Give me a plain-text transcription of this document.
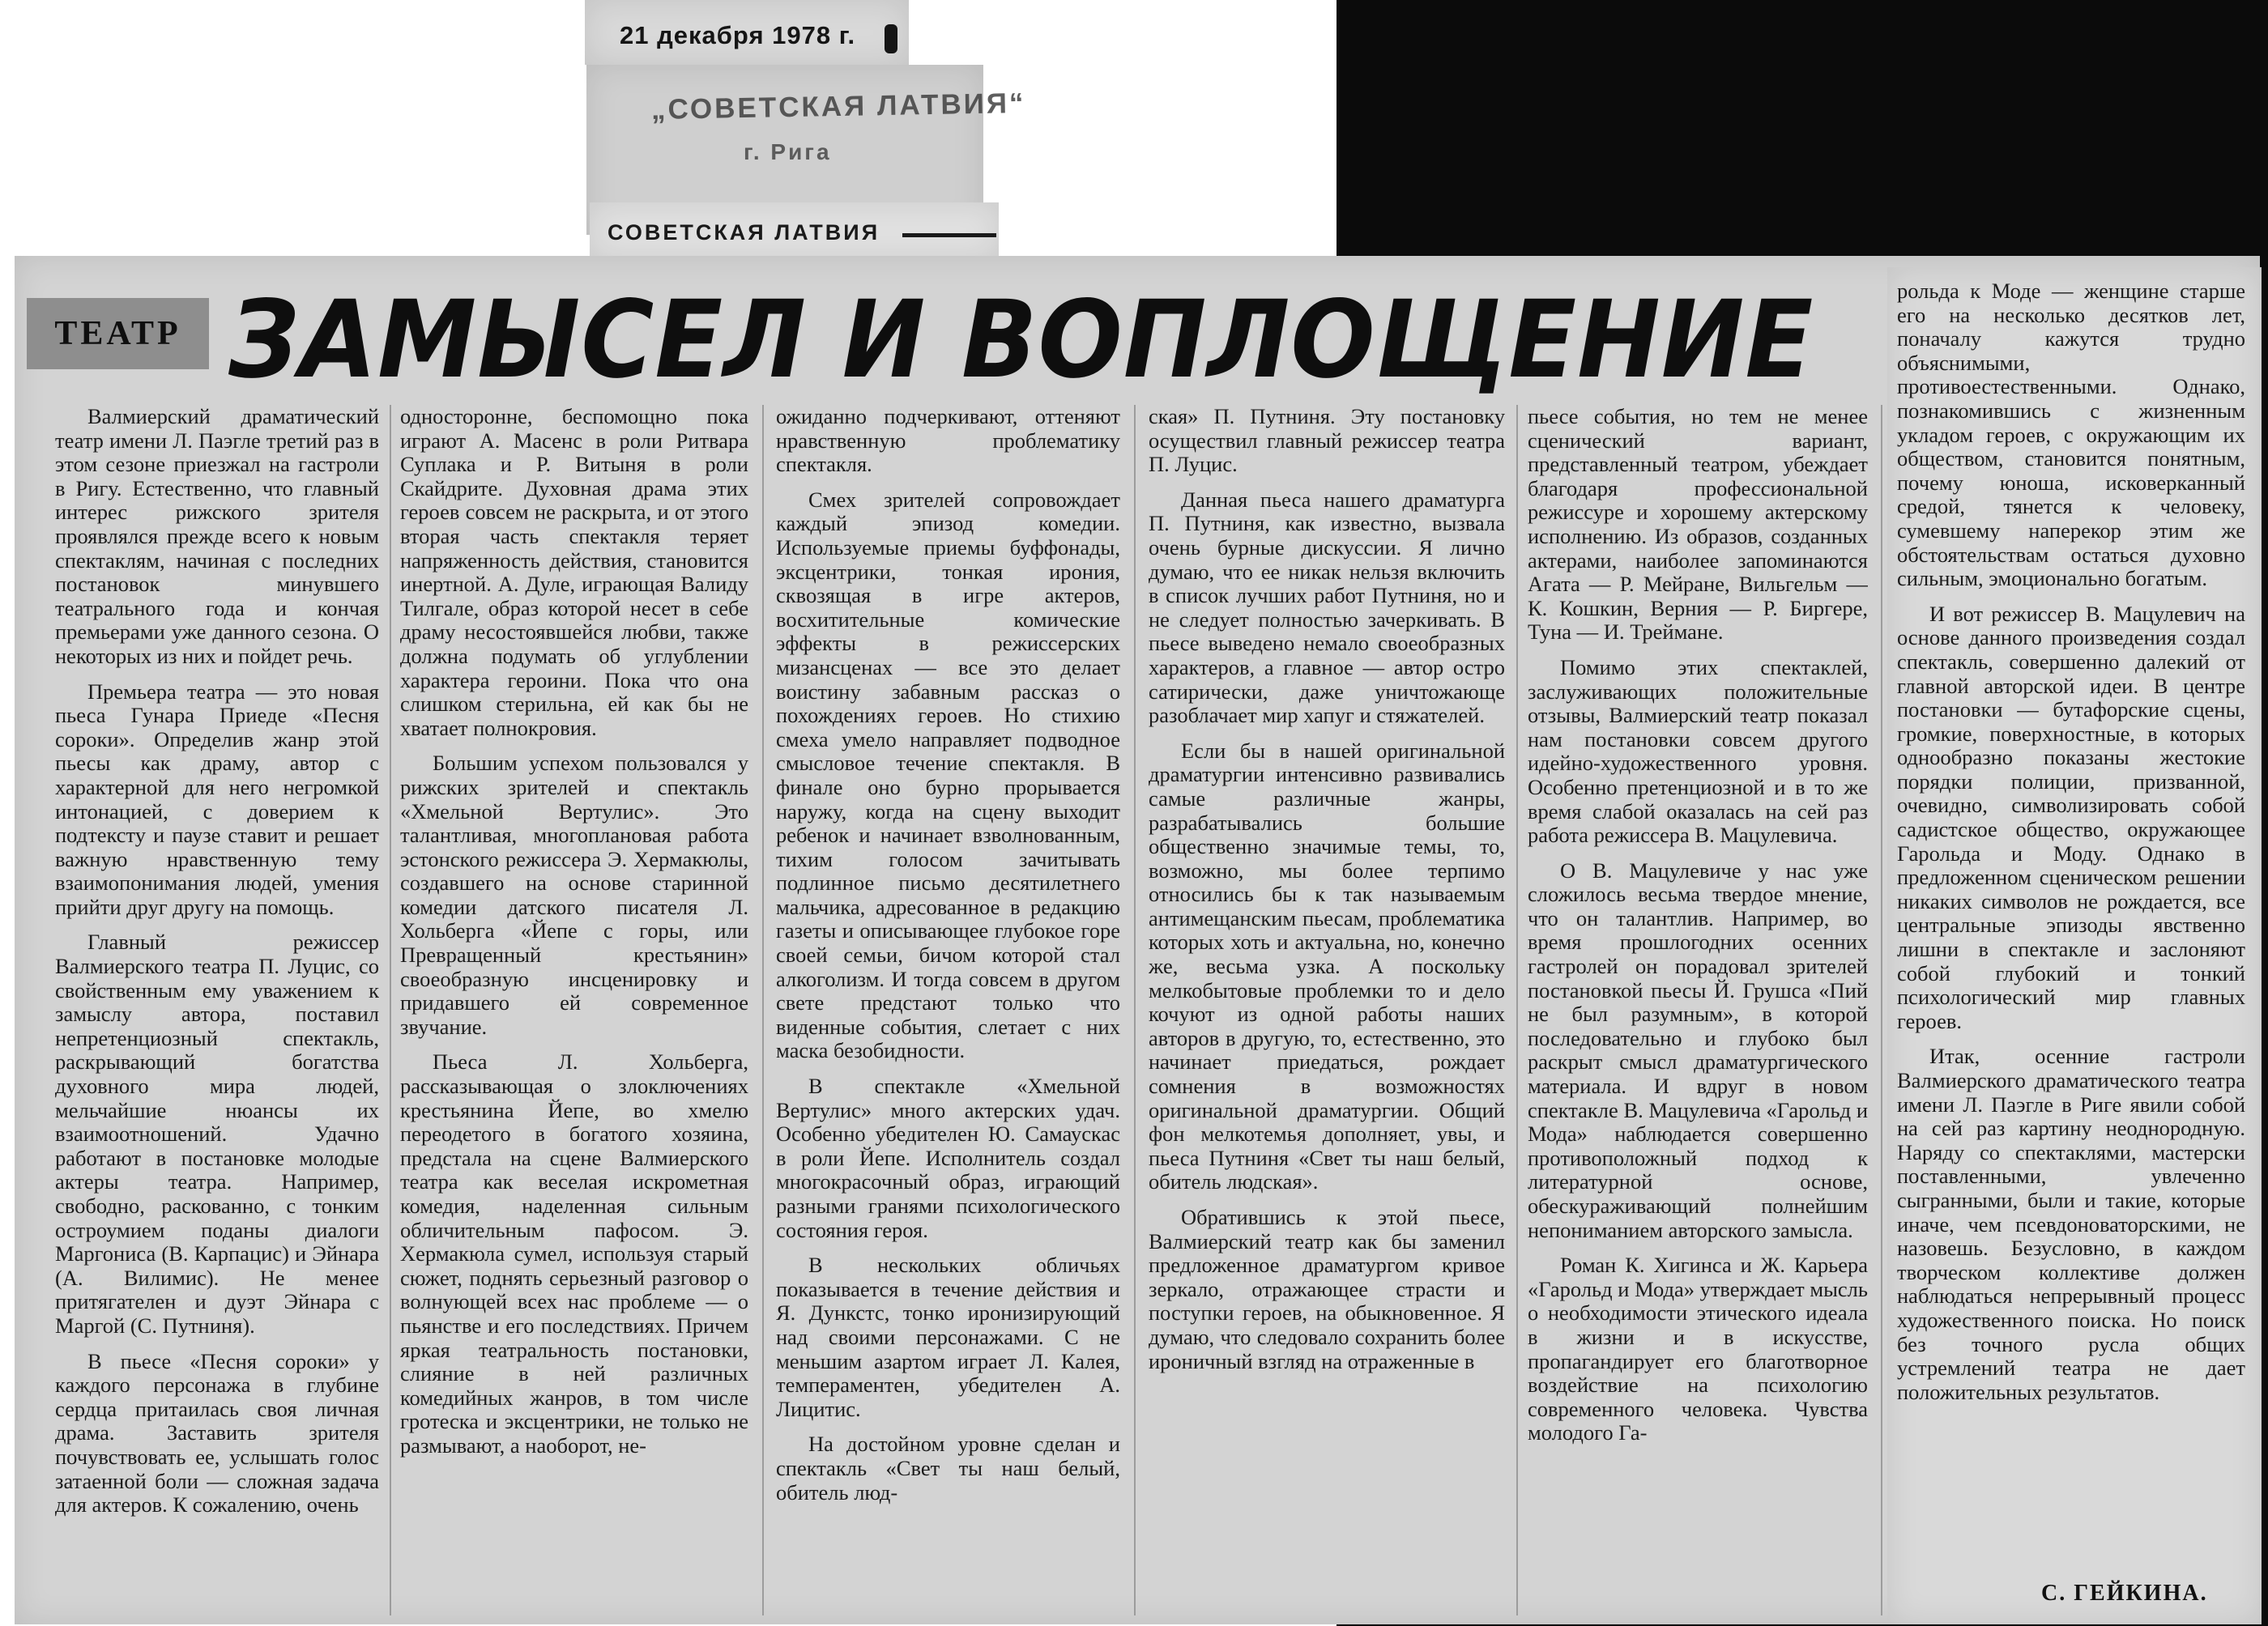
21 декабря 1978 г.
„СОВЕТСКАЯ ЛАТВИЯ“
г. Рига
СОВЕТСКАЯ ЛАТВИЯ
ТЕАТР ЗАМЫСЕЛ И ВОПЛОЩЕНИЕ

Валмиерский драматический театр имени Л. Паэгле третий раз в этом сезоне приезжал на гастроли в Ригу. Естественно, что главный интерес рижского зрителя проявлялся прежде всего к новым спектаклям, начиная с последних постановок минувшего театрального года и кончая премьерами уже данного сезона. О некоторых из них и пойдет речь.

Премьера театра — это новая пьеса Гунара Приеде «Песня сороки». Определив жанр этой пьесы как драму, автор с характерной для него негромкой интонацией, с доверием к подтексту и паузе ставит и решает важную нравственную тему взаимопонимания людей, умения прийти друг другу на помощь.

Главный режиссер Валмиерского театра П. Луцис, со свойственным ему уважением к замыслу автора, поставил непретенциозный спектакль, раскрывающий богатства духовного мира людей, мельчайшие нюансы их взаимоотношений. Удачно работают в постановке молодые актеры театра. Например, свободно, раскованно, с тонким остроумием поданы диалоги Маргониса (В. Карпацис) и Эйнара (А. Вилимис). Не менее притягателен и дуэт Эйнара с Маргой (С. Путниня).

В пьесе «Песня сороки» у каждого персонажа в глубине сердца притаилась своя личная драма. Заставить зрителя почувствовать ее, услышать голос затаенной боли — сложная задача для актеров. К сожалению, очень

односторонне, беспомощно пока играют А. Масенс в роли Ритвара Суплака и Р. Витыня в роли Скайдрите. Духовная драма этих героев совсем не раскрыта, и от этого вторая часть спектакля теряет напряженность действия, становится инертной. А. Дуле, играющая Валиду Тилгале, образ которой несет в себе драму несостоявшейся любви, также должна подумать об углублении характера героини. Пока что она слишком стерильна, ей как бы не хватает полнокровия.

Большим успехом пользовался у рижских зрителей и спектакль «Хмельной Вертулис». Это талантливая, многоплановая работа эстонского режиссера Э. Хермакюлы, создавшего на основе старинной комедии датского писателя Л. Хольберга «Йепе с горы, или Превращенный крестьянин» своеобразную инсценировку и придавшего ей современное звучание.

Пьеса Л. Хольберга, рассказывающая о злоключениях крестьянина Йепе, во хмелю переодетого в богатого хозяина, предстала на сцене Валмиерского театра как веселая искрометная комедия, наделенная сильным обличительным пафосом. Э. Хермакюла сумел, используя старый сюжет, поднять серьезный разговор о волнующей всех нас проблеме — о пьянстве и его последствиях. Причем яркая театральность постановки, слияние в ней различных комедийных жанров, в том числе гротеска и эксцентрики, не только не размывают, а наоборот, не-

ожиданно подчеркивают, оттеняют нравственную проблематику спектакля.

Смех зрителей сопровождает каждый эпизод комедии. Используемые приемы буффонады, эксцентрики, тонкая ирония, сквозящая в игре актеров, восхитительные комические эффекты в режиссерских мизансценах — все это делает воистину забавным рассказ о похождениях героев. Но стихию смеха умело направляет подводное смысловое течение спектакля. В финале оно бурно прорывается наружу, когда на сцену выходит ребенок и начинает взволнованным, тихим голосом зачитывать подлинное письмо десятилетнего мальчика, адресованное в редакцию газеты и описывающее глубокое горе своей семьи, бичом которой стал алкоголизм. И тогда совсем в другом свете предстают только что виденные события, слетает с них маска безобидности.

В спектакле «Хмельной Вертулис» много актерских удач. Особенно убедителен Ю. Самаускас в роли Йепе. Исполнитель создал многокрасочный образ, играющий разными гранями психологического состояния героя.

В нескольких обличьях показывается в течение действия и Я. Дункстс, тонко иронизирующий над своими персонажами. С не меньшим азартом играет Л. Калея, темпераментен, убедителен А. Лицитис.

На достойном уровне сделан и спектакль «Свет ты наш белый, обитель люд-

ская» П. Путниня. Эту постановку осуществил главный режиссер театра П. Луцис.

Данная пьеса нашего драматурга П. Путниня, как известно, вызвала очень бурные дискуссии. Я лично думаю, что ее никак нельзя включить в список лучших работ Путниня, но и не следует полностью зачеркивать. В пьесе выведено немало своеобразных характеров, а главное — автор остро сатирически, даже уничтожающе разоблачает мир хапуг и стяжателей.

Если бы в нашей оригинальной драматургии интенсивно развивались самые различные жанры, разрабатывались большие общественно значимые темы, то, возможно, мы более терпимо относились бы к так называемым антимещанским пьесам, проблематика которых хоть и актуальна, но, конечно же, весьма узка. А поскольку мелкобытовые проблемки то и дело кочуют из одной работы наших авторов в другую, то, естественно, это начинает приедаться, рождает сомнения в возможностях оригинальной драматургии. Общий фон мелкотемья дополняет, увы, и пьеса Путниня «Свет ты наш белый, обитель людская».

Обратившись к этой пьесе, Валмиерский театр как бы заменил предложенное драматургом кривое зеркало, отражающее страсти и поступки героев, на обыкновенное. Я думаю, что следовало сохранить более ироничный взгляд на отраженные в

пьесе события, но тем не менее сценический вариант, представленный театром, убеждает благодаря профессиональной режиссуре и хорошему актерскому исполнению. Из образов, созданных актерами, наиболее запоминаются Агата — Р. Мейране, Вильгельм — К. Кошкин, Верния — Р. Биргере, Туна — И. Треймане.

Помимо этих спектаклей, заслуживающих положительные отзывы, Валмиерский театр показал нам постановки совсем другого идейно-художественного уровня. Особенно претенциозной и в то же время слабой оказалась на сей раз работа режиссера В. Мацулевича.

О В. Мацулевиче у нас уже сложилось весьма твердое мнение, что он талантлив. Например, во время прошлогодних осенних гастролей он порадовал зрителей постановкой пьесы Й. Грушса «Пий не был разумным», в которой последовательно и глубоко был раскрыт смысл драматургического материала. И вдруг в новом спектакле В. Мацулевича «Гарольд и Мода» наблюдается совершенно противоположный подход к литературной основе, обескураживающий полнейшим непониманием авторского замысла.

Роман К. Хигинса и Ж. Карьера «Гарольд и Мода» утверждает мысль о необходимости этического идеала в жизни и в искусстве, пропагандирует его благотворное воздействие на психологию современного человека. Чувства молодого Га-

рольда к Моде — женщине старше его на несколько десятков лет, поначалу кажутся трудно объяснимыми, противоестественными. Однако, познакомившись с жизненным укладом героев, с окружающим их обществом, становится понятным, почему юноша, исковерканный средой, тянется к человеку, сумевшему наперекор этим же обстоятельствам остаться духовно сильным, эмоционально богатым.

И вот режиссер В. Мацулевич на основе данного произведения создал спектакль, совершенно далекий от главной авторской идеи. В центре постановки — бутафорские сцены, громкие, поверхностные, в которых однообразно показаны жестокие порядки полиции, призванной, очевидно, символизировать собой садистское общество, окружающее Гарольда и Моду. Однако в предложенном сценическом решении никаких символов не рождается, все центральные эпизоды явственно лишни в спектакле и заслоняют собой глубокий и тонкий психологический мир главных героев.

Итак, осенние гастроли Валмиерского драматического театра имени Л. Паэгле в Риге явили собой на сей раз картину неоднородную. Наряду со спектаклями, мастерски поставленными, увлеченно сыгранными, были и такие, которые иначе, чем псевдоноваторскими, не назовешь. Безусловно, в каждом творческом коллективе должен наблюдаться непрерывный процесс художественного поиска. Но поиск без точного русла общих устремлений театра не дает положительных результатов.

С. ГЕЙКИНА.
